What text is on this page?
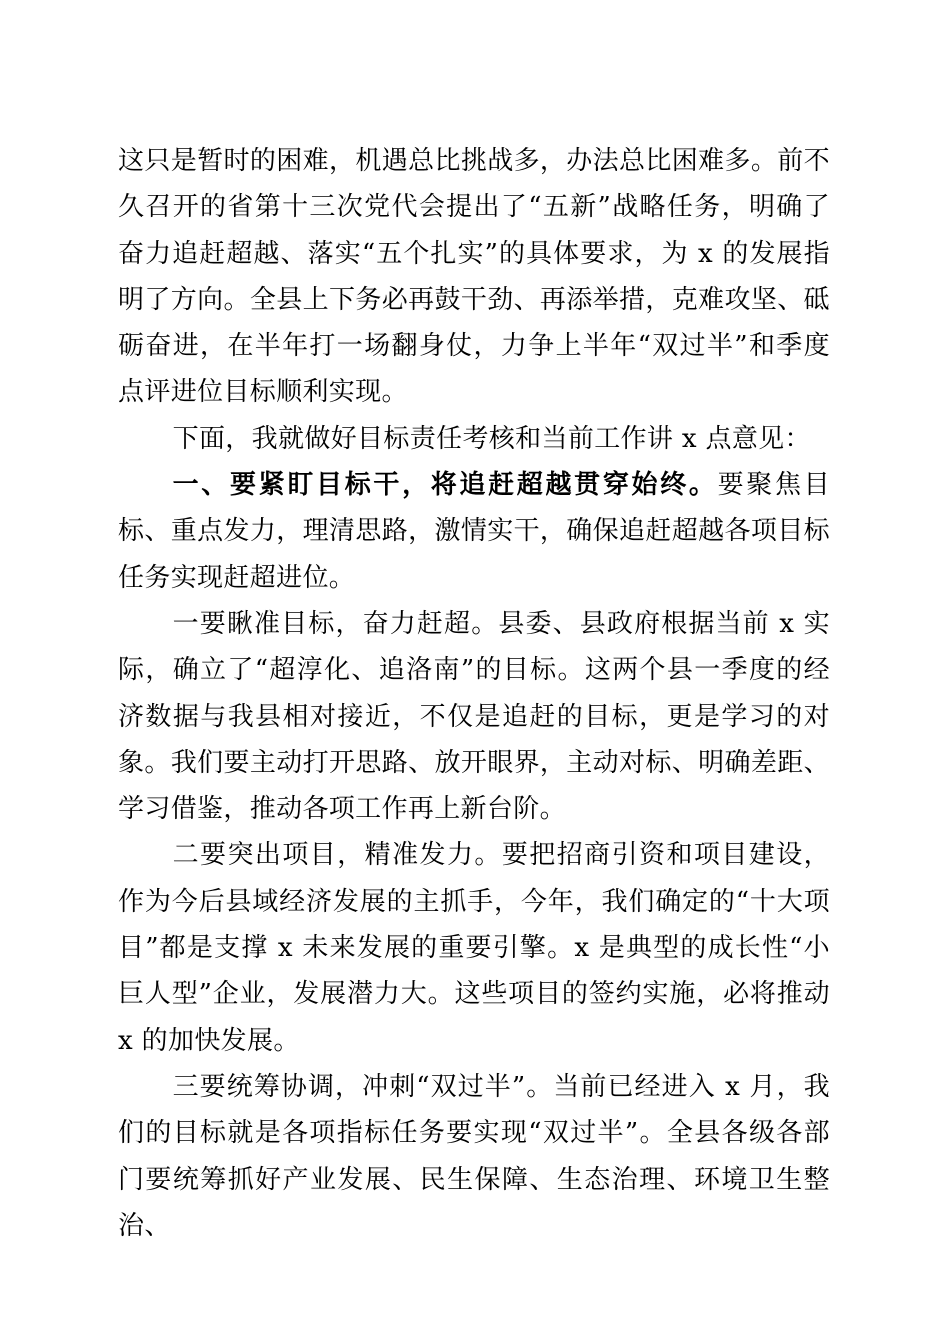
这只是暂时的困难，机遇总比挑战多，办法总比困难多。前不久召开的省第十三次党代会提出了“五新”战略任务，明确了奋力追赶超越、落实“五个扎实”的具体要求，为 x 的发展指明了方向。全县上下务必再鼓干劲、再添举措，克难攻坚、砥砺奋进，在半年打一场翻身仗，力争上半年“双过半”和季度点评进位目标顺利实现。

下面，我就做好目标责任考核和当前工作讲 x 点意见：

一、要紧盯目标干，将追赶超越贯穿始终。要聚焦目标、重点发力，理清思路，激情实干，确保追赶超越各项目标任务实现赶超进位。

一要瞅准目标，奋力赶超。县委、县政府根据当前 x 实际，确立了“超淳化、追洛南”的目标。这两个县一季度的经济数据与我县相对接近，不仅是追赶的目标，更是学习的对象。我们要主动打开思路、放开眼界，主动对标、明确差距、学习借鉴，推动各项工作再上新台阶。

二要突出项目，精准发力。要把招商引资和项目建设，作为今后县域经济发展的主抓手，今年，我们确定的“十大项目”都是支撑 x 未来发展的重要引擎。x 是典型的成长性“小巨人型”企业，发展潜力大。这些项目的签约实施，必将推动 x 的加快发展。

三要统筹协调，冲刺“双过半”。当前已经进入 x 月，我们的目标就是各项指标任务要实现“双过半”。全县各级各部门要统筹抓好产业发展、民生保障、生态治理、环境卫生整治、
